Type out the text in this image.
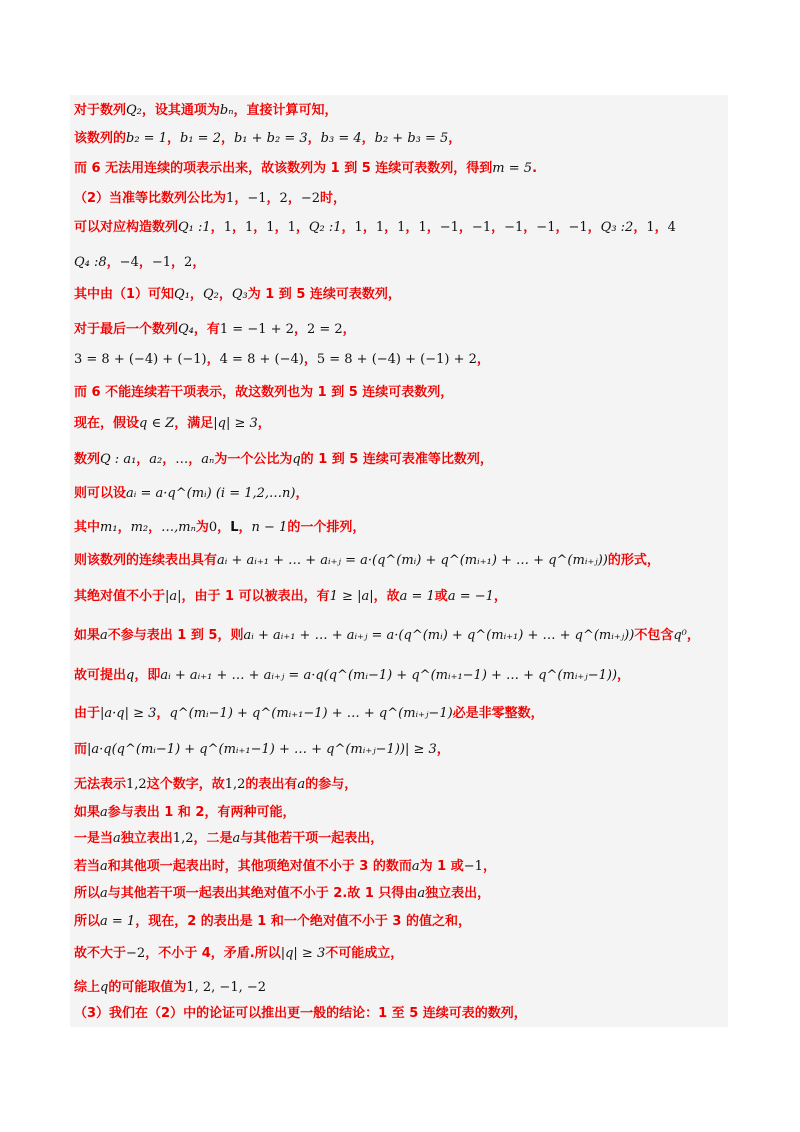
对于数列Q₂，设其通项为bₙ，直接计算可知，
该数列的b₂ = 1，b₁ = 2，b₁ + b₂ = 3，b₃ = 4，b₂ + b₃ = 5，
而 6 无法用连续的项表示出来，故该数列为 1 到 5 连续可表数列，得到m = 5.
（2）当准等比数列公比为1，−1，2，−2时，
可以对应构造数列Q₁ :1，1，1，1，1，Q₂ :1，1，1，1，1，−1，−1，−1，−1，−1，Q₃ :2，1，4
Q₄ :8，−4，−1，2，
其中由（1）可知Q₁，Q₂，Q₃为 1 到 5 连续可表数列，
对于最后一个数列Q₄，有1 = −1 + 2，2 = 2，
3 = 8 + (−4) + (−1)，4 = 8 + (−4)，5 = 8 + (−4) + (−1) + 2，
而 6 不能连续若干项表示，故这数列也为 1 到 5 连续可表数列，
现在，假设q ∈ Z，满足|q| ≥ 3，
数列Q : a₁，a₂，…，aₙ为一个公比为q的 1 到 5 连续可表准等比数列，
则可以设aᵢ = a·q^(mᵢ) (i = 1,2,…n)，
其中m₁，m₂，…,mₙ为0，L，n − 1的一个排列，
则该数列的连续表出具有aᵢ + aᵢ₊₁ + … + aᵢ₊ⱼ = a·(q^(mᵢ) + q^(mᵢ₊₁) + … + q^(mᵢ₊ⱼ))的形式，
其绝对值不小于|a|，由于 1 可以被表出，有1 ≥ |a|，故a = 1或a = −1，
如果a不参与表出 1 到 5，则aᵢ + aᵢ₊₁ + … + aᵢ₊ⱼ = a·(q^(mᵢ) + q^(mᵢ₊₁) + … + q^(mᵢ₊ⱼ))不包含q⁰，
故可提出q，即aᵢ + aᵢ₊₁ + … + aᵢ₊ⱼ = a·q(q^(mᵢ−1) + q^(mᵢ₊₁−1) + … + q^(mᵢ₊ⱼ−1))，
由于|a·q| ≥ 3，q^(mᵢ−1) + q^(mᵢ₊₁−1) + … + q^(mᵢ₊ⱼ−1)必是非零整数，
而|a·q(q^(mᵢ−1) + q^(mᵢ₊₁−1) + … + q^(mᵢ₊ⱼ−1))| ≥ 3，
无法表示1,2这个数字，故1,2的表出有a的参与，
如果a参与表出 1 和 2，有两种可能，
一是当a独立表出1,2，二是a与其他若干项一起表出，
若当a和其他项一起表出时，其他项绝对值不小于 3 的数而a为 1 或−1，
所以a与其他若干项一起表出其绝对值不小于 2.故 1 只得由a独立表出，
所以a = 1，现在，2 的表出是 1 和一个绝对值不小于 3 的值之和，
故不大于−2，不小于 4，矛盾.所以|q| ≥ 3不可能成立，
综上q的可能取值为1, 2, −1, −2
（3）我们在（2）中的论证可以推出更一般的结论：1 至 5 连续可表的数列，
